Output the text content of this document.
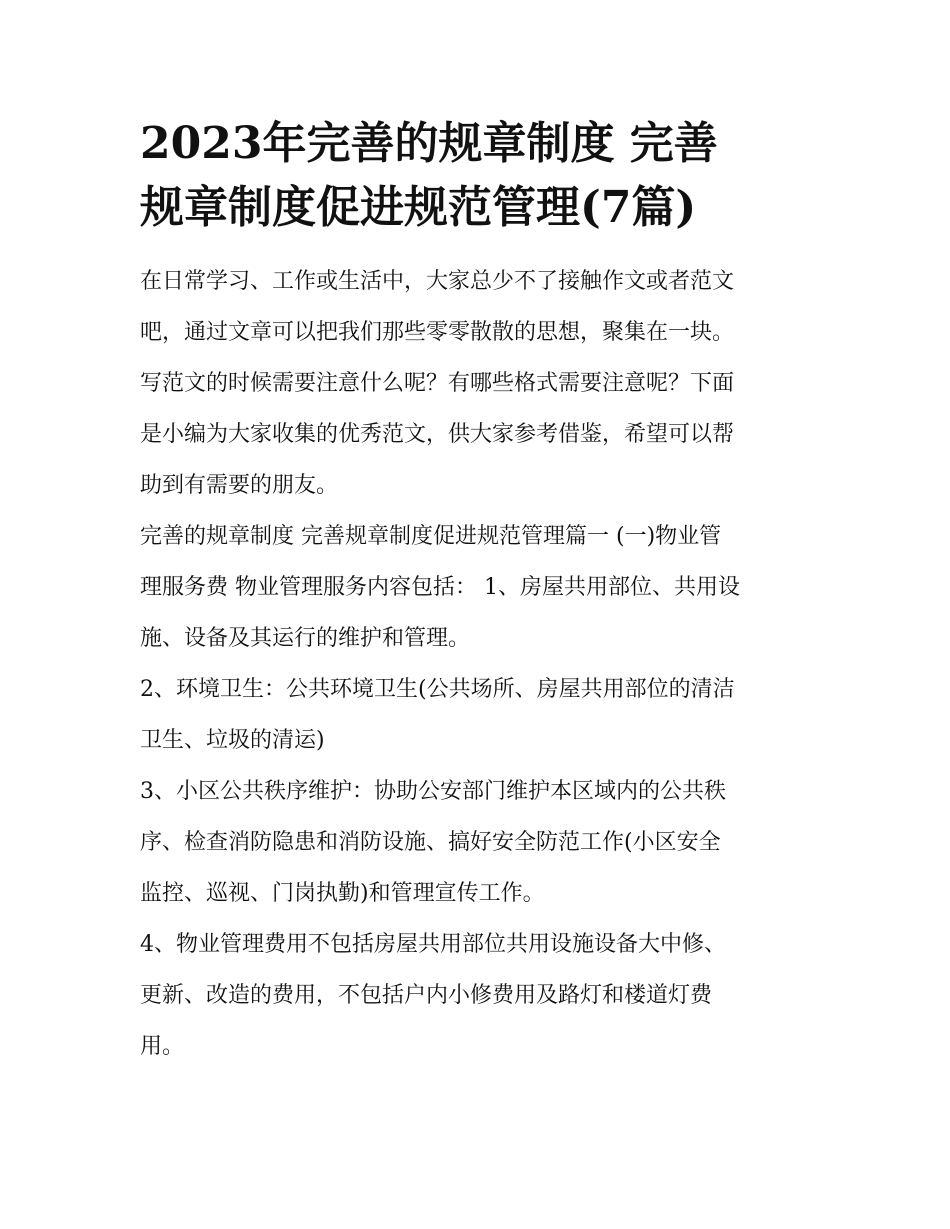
2023年完善的规章制度 完善
规章制度促进规范管理(7篇)

在日常学习、工作或生活中，大家总少不了接触作文或者范文
吧，通过文章可以把我们那些零零散散的思想，聚集在一块。
写范文的时候需要注意什么呢？有哪些格式需要注意呢？下面
是小编为大家收集的优秀范文，供大家参考借鉴，希望可以帮
助到有需要的朋友。

完善的规章制度 完善规章制度促进规范管理篇一 (一)物业管
理服务费 物业管理服务内容包括： 1、房屋共用部位、共用设
施、设备及其运行的维护和管理。

2、环境卫生：公共环境卫生(公共场所、房屋共用部位的清洁
卫生、垃圾的清运)

3、小区公共秩序维护：协助公安部门维护本区域内的公共秩
序、检查消防隐患和消防设施、搞好安全防范工作(小区安全
监控、巡视、门岗执勤)和管理宣传工作。

4、物业管理费用不包括房屋共用部位共用设施设备大中修、
更新、改造的费用，不包括户内小修费用及路灯和楼道灯费
用。
